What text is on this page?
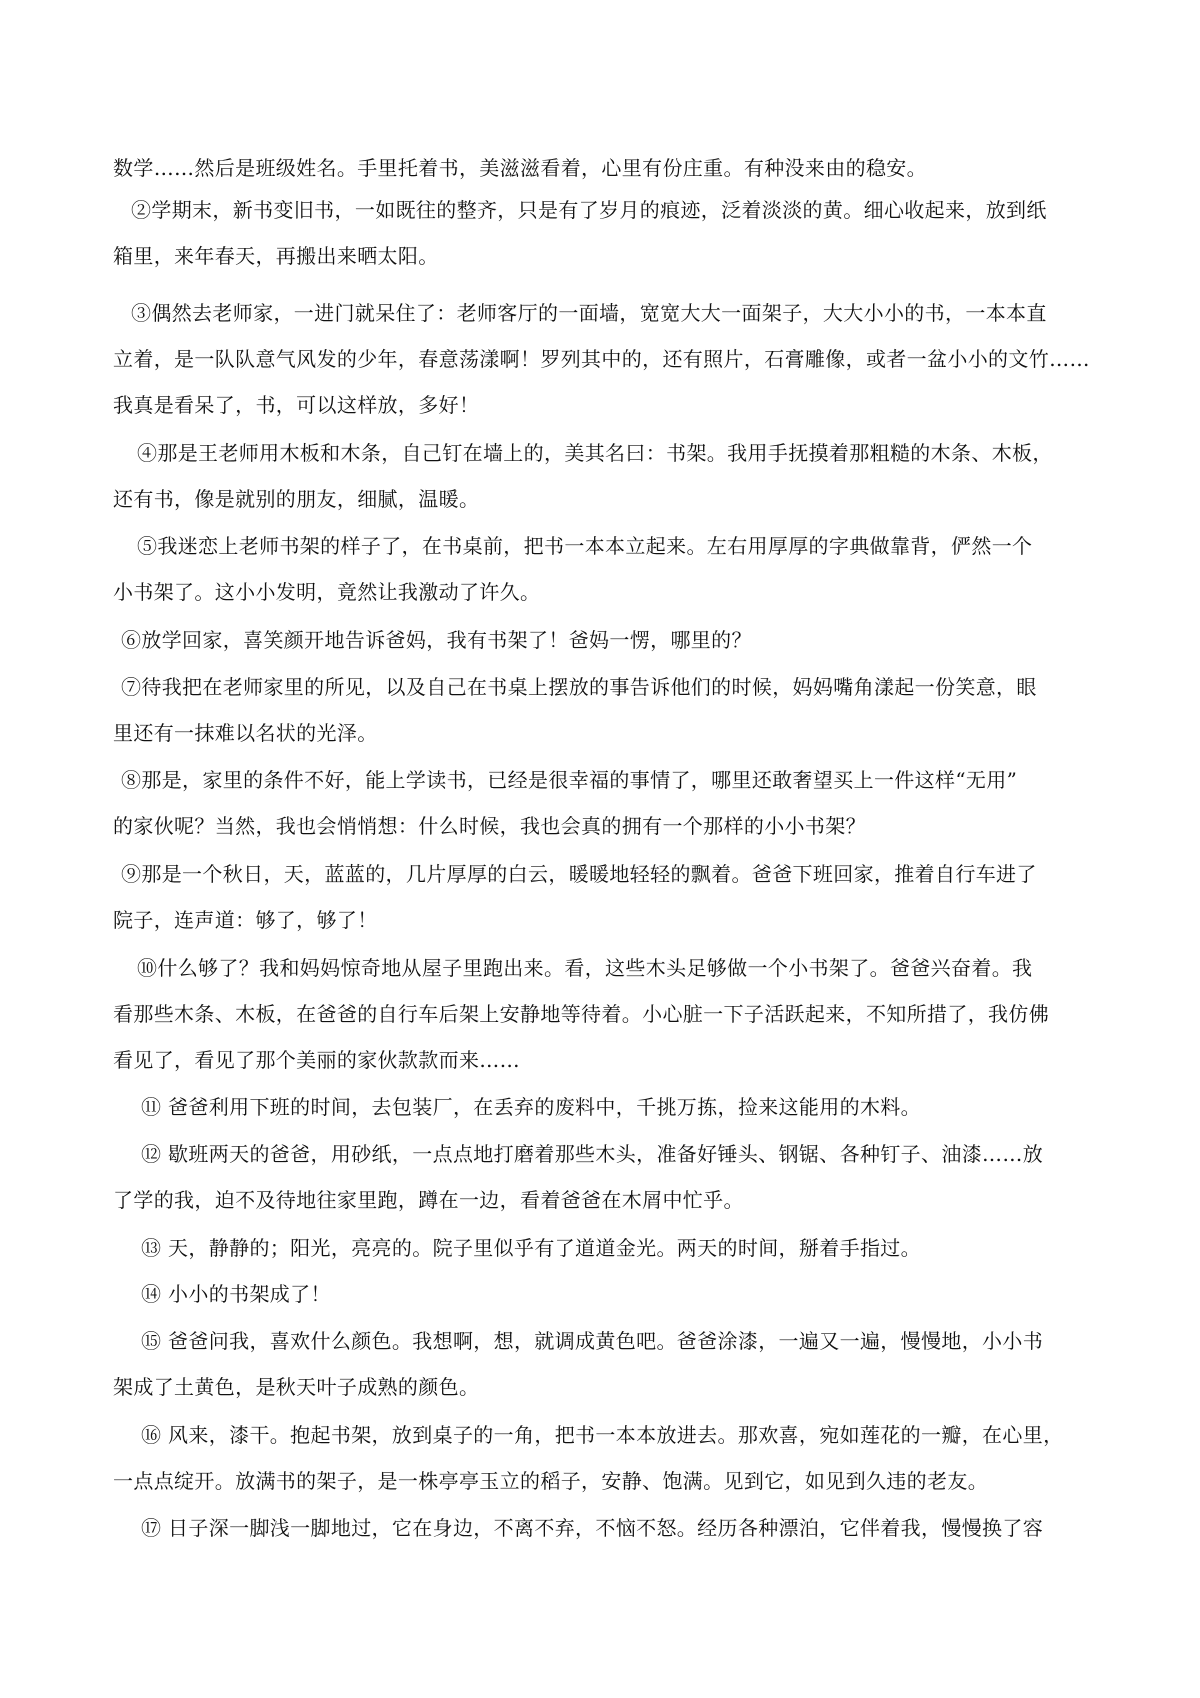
数学……然后是班级姓名。手里托着书，美滋滋看着，心里有份庄重。有种没来由的稳安。

②学期末，新书变旧书，一如既往的整齐，只是有了岁月的痕迹，泛着淡淡的黄。细心收起来，放到纸
箱里，来年春天，再搬出来晒太阳。

③偶然去老师家，一进门就呆住了：老师客厅的一面墙，宽宽大大一面架子，大大小小的书，一本本直
立着，是一队队意气风发的少年，春意荡漾啊！罗列其中的，还有照片，石膏雕像，或者一盆小小的文竹……
我真是看呆了，书，可以这样放，多好！

④那是王老师用木板和木条，自己钉在墙上的，美其名曰：书架。我用手抚摸着那粗糙的木条、木板，
还有书，像是就别的朋友，细腻，温暖。

⑤我迷恋上老师书架的样子了，在书桌前，把书一本本立起来。左右用厚厚的字典做靠背，俨然一个
小书架了。这小小发明，竟然让我激动了许久。

⑥放学回家，喜笑颜开地告诉爸妈，我有书架了！爸妈一愣，哪里的？

⑦待我把在老师家里的所见，以及自己在书桌上摆放的事告诉他们的时候，妈妈嘴角漾起一份笑意，眼
里还有一抹难以名状的光泽。

⑧那是，家里的条件不好，能上学读书，已经是很幸福的事情了，哪里还敢奢望买上一件这样“无用”
的家伙呢？当然，我也会悄悄想：什么时候，我也会真的拥有一个那样的小小书架？

⑨那是一个秋日，天，蓝蓝的，几片厚厚的白云，暖暖地轻轻的飘着。爸爸下班回家，推着自行车进了
院子，连声道：够了，够了！

⑩什么够了？我和妈妈惊奇地从屋子里跑出来。看，这些木头足够做一个小书架了。爸爸兴奋着。我
看那些木条、木板，在爸爸的自行车后架上安静地等待着。小心脏一下子活跃起来，不知所措了，我仿佛
看见了，看见了那个美丽的家伙款款而来……

⑪ 爸爸利用下班的时间，去包装厂，在丢弃的废料中，千挑万拣，捡来这能用的木料。

⑫ 歇班两天的爸爸，用砂纸，一点点地打磨着那些木头，准备好锤头、钢锯、各种钉子、油漆……放
了学的我，迫不及待地往家里跑，蹲在一边，看着爸爸在木屑中忙乎。

⑬ 天，静静的；阳光，亮亮的。院子里似乎有了道道金光。两天的时间，掰着手指过。

⑭ 小小的书架成了！

⑮ 爸爸问我，喜欢什么颜色。我想啊，想，就调成黄色吧。爸爸涂漆，一遍又一遍，慢慢地，小小书
架成了土黄色，是秋天叶子成熟的颜色。

⑯ 风来，漆干。抱起书架，放到桌子的一角，把书一本本放进去。那欢喜，宛如莲花的一瓣，在心里，
一点点绽开。放满书的架子，是一株亭亭玉立的稻子，安静、饱满。见到它，如见到久违的老友。

⑰ 日子深一脚浅一脚地过，它在身边，不离不弃，不恼不怒。经历各种漂泊，它伴着我，慢慢换了容
